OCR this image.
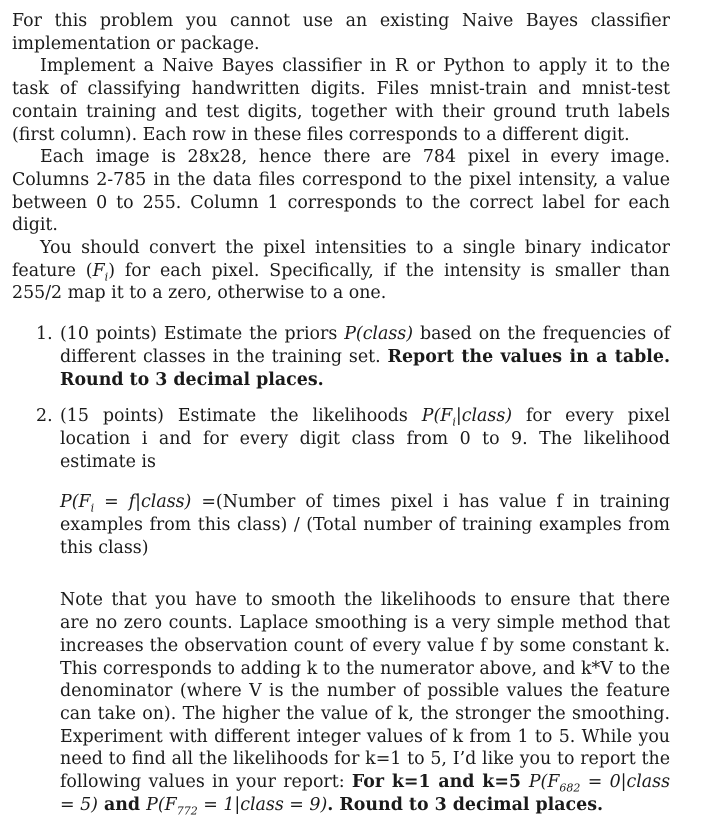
For this problem you cannot use an existing Naive Bayes classifier implementation or package.

Implement a Naive Bayes classifier in R or Python to apply it to the task of classifying handwritten digits. Files mnist-train and mnist-test contain training and test digits, together with their ground truth labels (first column). Each row in these files corresponds to a different digit.

Each image is 28x28, hence there are 784 pixel in every image. Columns 2-785 in the data files correspond to the pixel intensity, a value between 0 to 255. Column 1 corresponds to the correct label for each digit.

You should convert the pixel intensities to a single binary indicator feature $(F_i)$ for each pixel. Specifically, if the intensity is smaller than 255/2 map it to a zero, otherwise to a one.

1. (10 points) Estimate the priors P(class) based on the frequencies of different classes in the training set. Report the values in a table. Round to 3 decimal places.

2. (15 points) Estimate the likelihoods $P(F_i|class)$ for every pixel location i and for every digit class from 0 to 9. The likelihood estimate is

$P(F_i$ = f|class) =(Number of times pixel i has value f in training examples from this class) / (Total number of training examples from this class)

Note that you have to smooth the likelihoods to ensure that there are no zero counts. Laplace smoothing is a very simple method that increases the observation count of every value f by some constant k. This corresponds to adding k to the numerator above, and k*V to the denominator (where V is the number of possible values the feature can take on). The higher the value of k, the stronger the smoothing. Experiment with different integer values of k from 1 to 5. While you need to find all the likelihoods for k=1 to 5, I’d like you to report the following values in your report: For k=1 and k=5 $P(F_{682}$ = 0|class = 5) and $P(F_{772}$ = 1|class = 9). Round to 3 decimal places.
